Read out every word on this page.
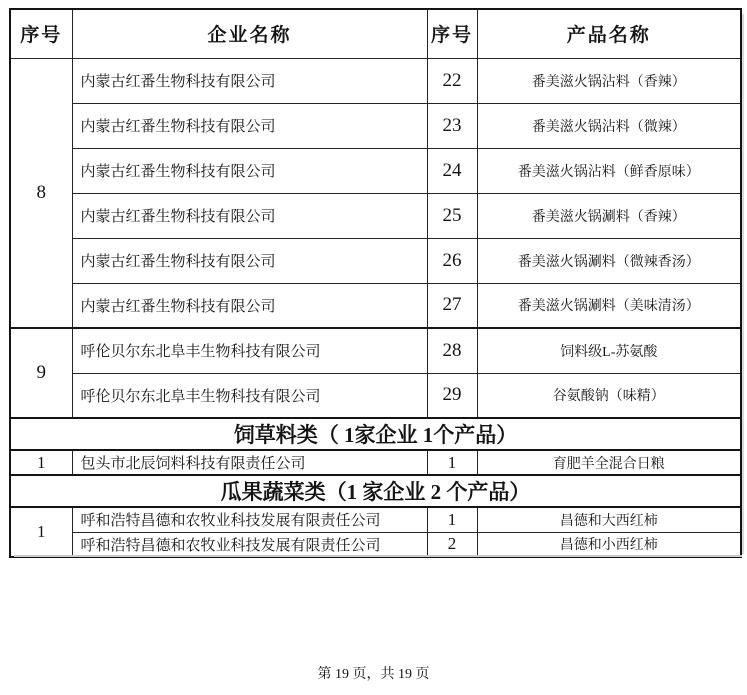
序号	企业名称	序号	产品名称
8	内蒙古红番生物科技有限公司	22	番美滋火锅沾料（香辣）
	内蒙古红番生物科技有限公司	23	番美滋火锅沾料（微辣）
	内蒙古红番生物科技有限公司	24	番美滋火锅沾料（鲜香原味）
	内蒙古红番生物科技有限公司	25	番美滋火锅涮料（香辣）
	内蒙古红番生物科技有限公司	26	番美滋火锅涮料（微辣香汤）
	内蒙古红番生物科技有限公司	27	番美滋火锅涮料（美味清汤）
9	呼伦贝尔东北阜丰生物科技有限公司	28	饲料级L-苏氨酸
	呼伦贝尔东北阜丰生物科技有限公司	29	谷氨酸钠（味精）
饲草料类（ 1家企业 1个产品）			
1	包头市北辰饲料科技有限责任公司	1	育肥羊全混合日粮
瓜果蔬菜类（1 家企业 2 个产品）			
1	呼和浩特昌德和农牧业科技发展有限责任公司	1	昌德和大西红柿
	呼和浩特昌德和农牧业科技发展有限责任公司	2	昌德和小西红柿
第 19 页，共 19 页
